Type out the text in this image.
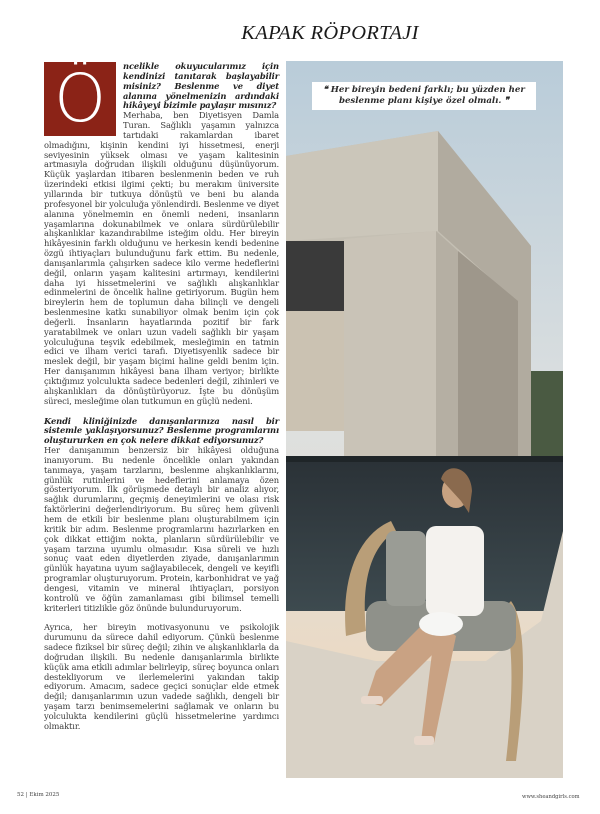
KAPAK RÖPORTAJI
Ö	ncelikle okuyucularımız için kendinizi tanıtarak başlayabilir misiniz? Beslenme ve diyet alanına yönelmenizin ardındaki hikâyeyi bizimle paylaşır mısınız?

Merhaba, ben Diyetisyen Damla Turan. Sağlıklı yaşamın yalnızca tartıdaki rakamlardan ibaret olmadığını, kişinin kendini iyi hissetmesi, enerji seviyesinin yüksek olması ve yaşam kalitesinin artmasıyla doğrudan ilişkili olduğunu düşünüyorum. Küçük yaşlardan itibaren beslenmenin beden ve ruh üzerindeki etkisi ilgimi çekti; bu merakım üniversite yıllarında bir tutkuya dönüştü ve beni bu alanda profesyonel bir yolculuğa yönlendirdi. Beslenme ve diyet alanına yönelmemin en önemli nedeni, insanların yaşamlarına dokunabilmek ve onlara sürdürülebilir alışkanlıklar kazandırabilme isteğim oldu. Her bireyin hikâyesinin farklı olduğunu ve herkesin kendi bedenine özgü ihtiyaçları bulunduğunu fark ettim. Bu nedenle, danışanlarımla çalışırken sadece kilo verme hedeflerini değil, onların yaşam kalitesini artırmayı, kendilerini daha iyi hissetmelerini ve sağlıklı alışkanlıklar edinmelerini de öncelik haline getiriyorum. Bugün hem bireylerin hem de toplumun daha bilinçli ve dengeli beslenmesine katkı sunabiliyor olmak benim için çok değerli. İnsanların hayatlarında pozitif bir fark yaratabilmek ve onları uzun vadeli sağlıklı bir yaşam yolculuğuna teşvik edebilmek, mesleğimin en tatmin edici ve ilham verici tarafı. Diyetisyenlik sadece bir meslek değil, bir yaşam biçimi haline geldi benim için. Her danışanımın hikâyesi bana ilham veriyor; birlikte çıktığımız yolculukta sadece bedenleri değil, zihinleri ve alışkanlıkları da dönüştürüyoruz. İşte bu dönüşüm süreci, mesleğime olan tutkumun en güçlü nedeni.

Kendi kliniğinizde danışanlarınıza nasıl bir sistemle yaklaşıyorsunuz? Beslenme programlarını oluştururken en çok nelere dikkat ediyorsunuz?

Her danışanımın benzersiz bir hikâyesi olduğuna inanıyorum. Bu nedenle öncelikle onları yakından tanımaya, yaşam tarzlarını, beslenme alışkanlıklarını, günlük rutinlerini ve hedeflerini anlamaya özen gösteriyorum. İlk görüşmede detaylı bir analiz alıyor, sağlık durumlarını, geçmiş deneyimlerini ve olası risk faktörlerini değerlendiriyorum. Bu süreç hem güvenli hem de etkili bir beslenme planı oluşturabilmem için kritik bir adım. Beslenme programlarını hazırlarken en çok dikkat ettiğim nokta, planların sürdürülebilir ve yaşam tarzına uyumlu olmasıdır. Kısa süreli ve hızlı sonuç vaat eden diyetlerden ziyade, danışanlarımın günlük hayatına uyum sağlayabilecek, dengeli ve keyifli programlar oluşturuyorum. Protein, karbonhidrat ve yağ dengesi, vitamin ve mineral ihtiyaçları, porsiyon kontrolü ve öğün zamanlaması gibi bilimsel temelli kriterleri titizlikle göz önünde bulunduruyorum.

Ayrıca, her bireyin motivasyonunu ve psikolojik durumunu da sürece dahil ediyorum. Çünkü beslenme sadece fiziksel bir süreç değil; zihin ve alışkanlıklarla da doğrudan ilişkili. Bu nedenle danışanlarımla birlikte küçük ama etkili adımlar belirleyip, süreç boyunca onları destekliyorum ve ilerlemelerini yakından takip ediyorum. Amacım, sadece geçici sonuçlar elde etmek değil; danışanlarımın uzun vadede sağlıklı, dengeli bir yaşam tarzı benimsemelerini sağlamak ve onların bu yolculukta kendilerini güçlü hissetmelerine yardımcı olmaktır.

❝ Her bireyin bedeni farklı; bu yüzden her beslenme planı kişiye özel olmalı. ❞
52 | Ekim 2025	www.sheandgirls.com
